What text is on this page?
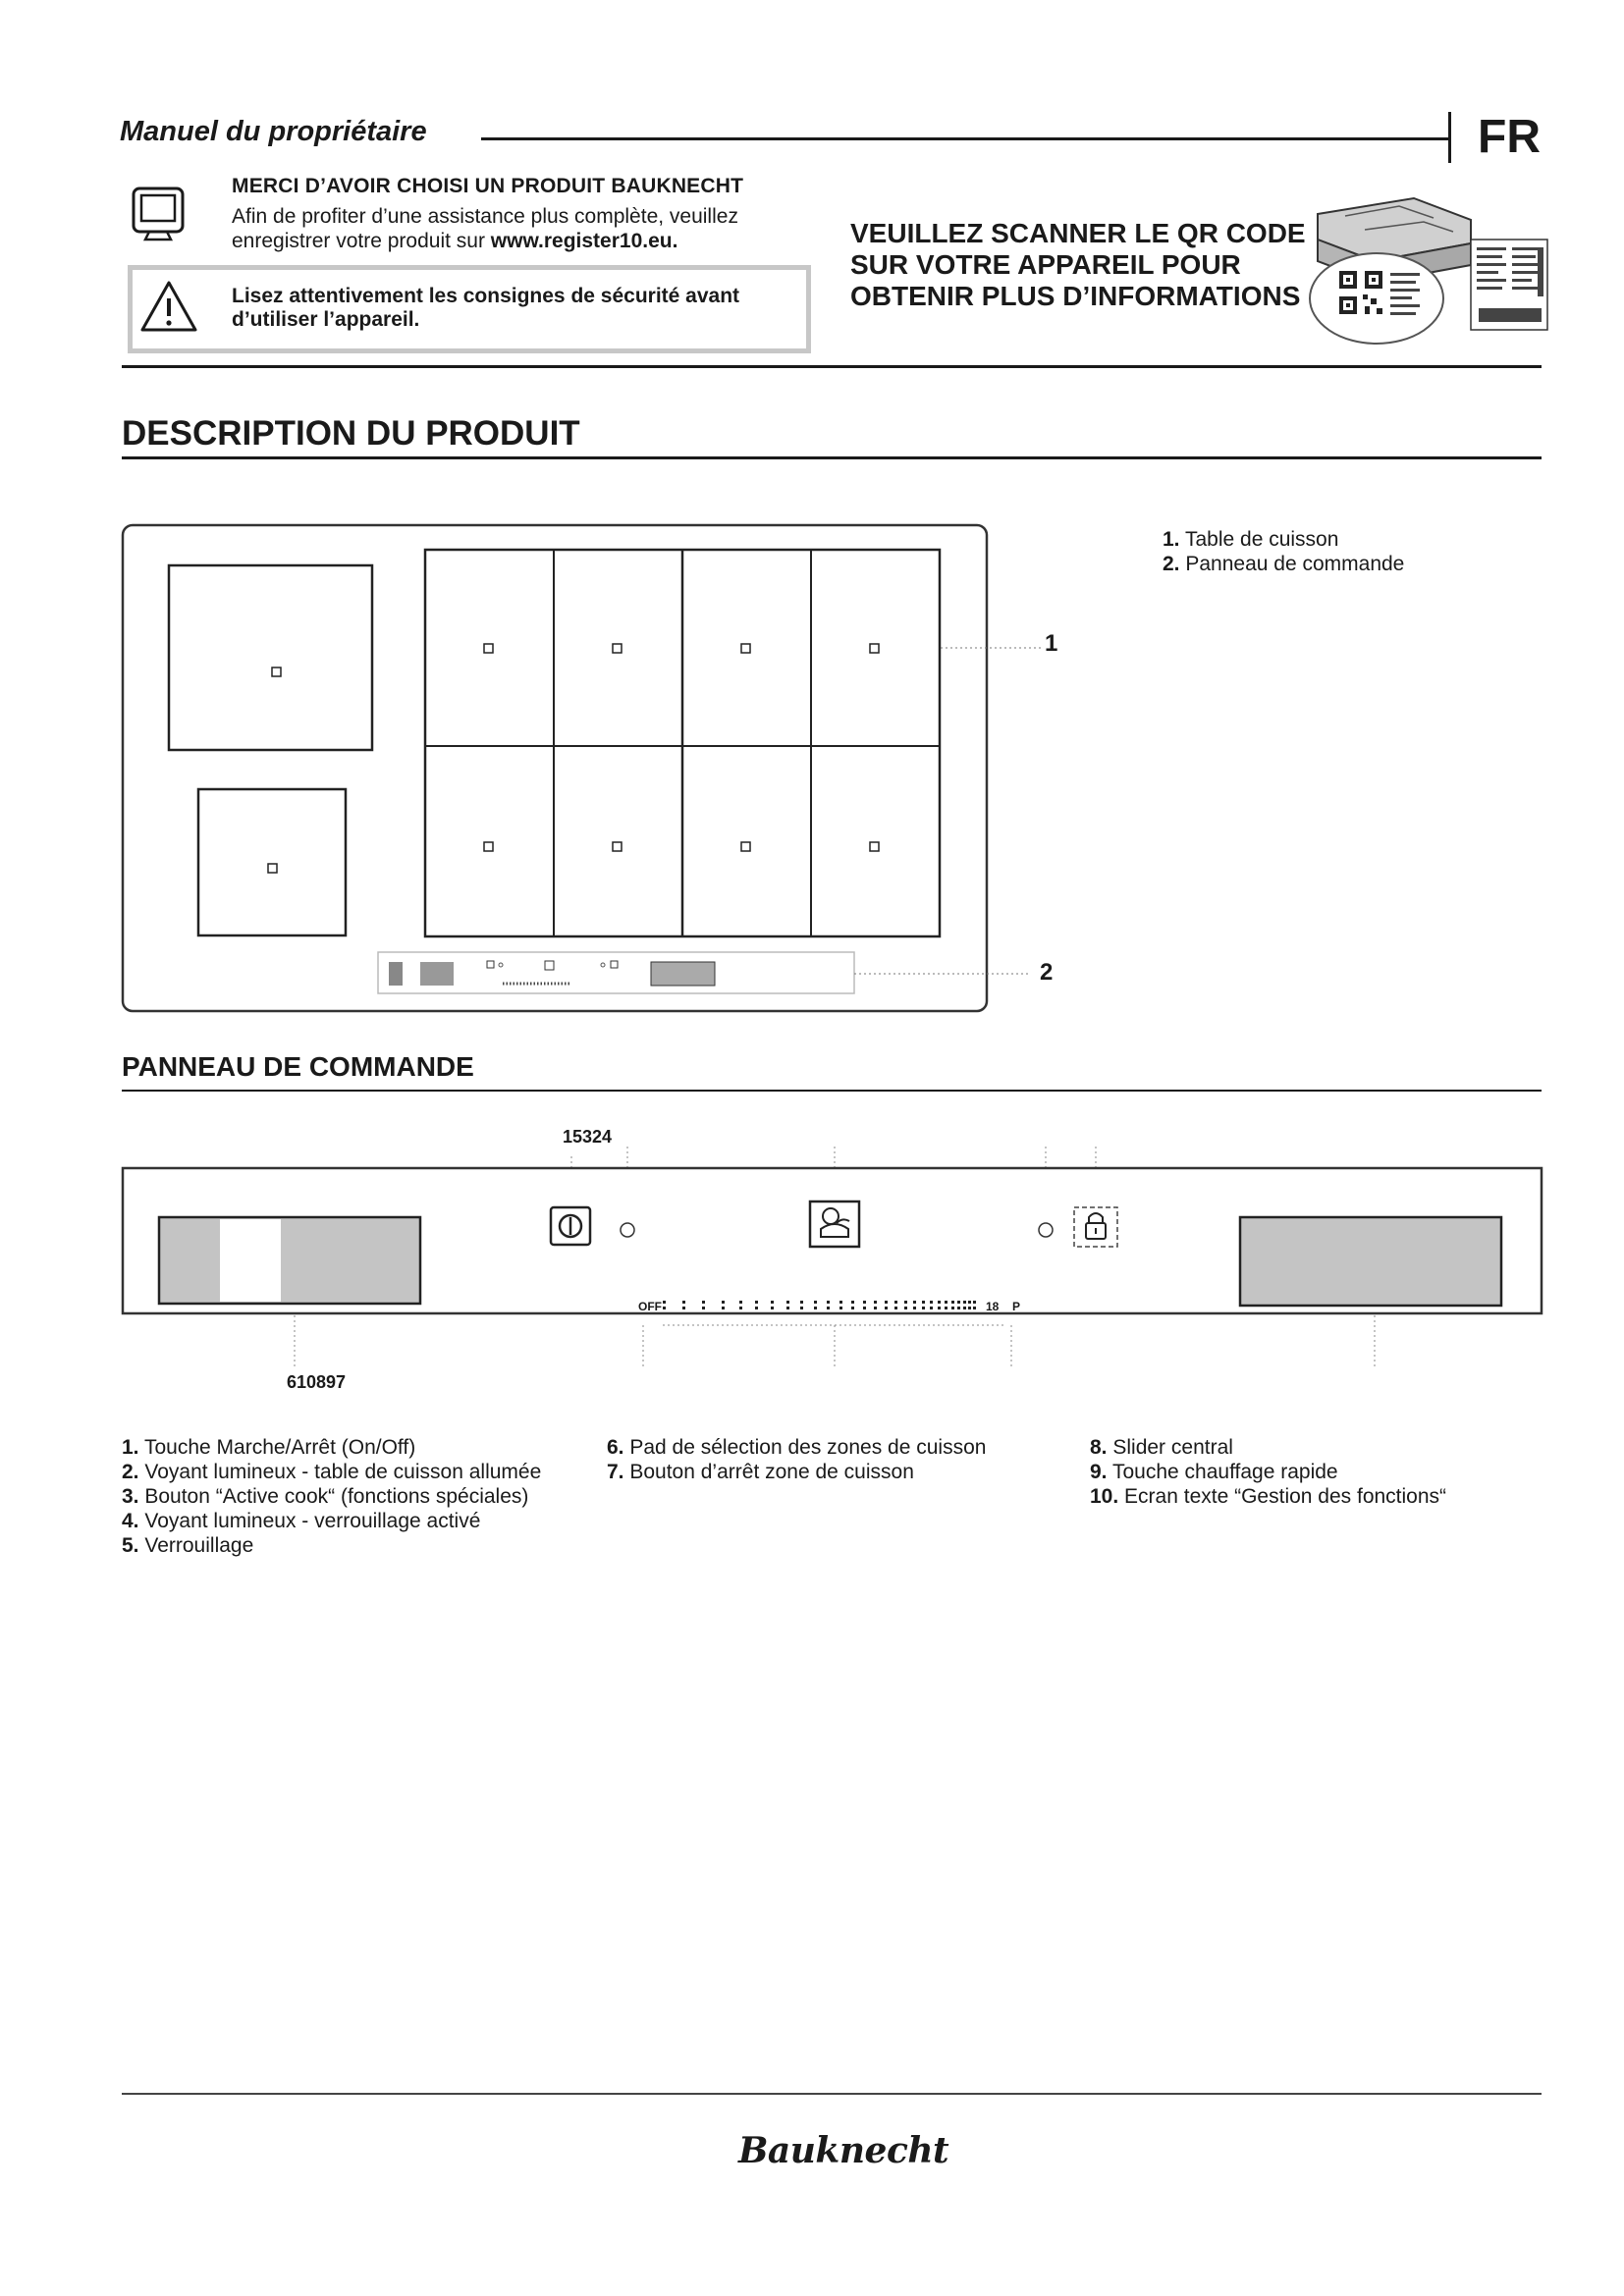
Manuel du propriétaire	FR
MERCI D’AVOIR CHOISI UN PRODUIT BAUKNECHT
Afin de profiter d’une assistance plus complète, veuillez
enregistrer votre produit sur www.register10.eu.
Lisez attentivement les consignes de sécurité avant
d’utiliser l’appareil.
VEUILLEZ SCANNER LE QR CODE
SUR VOTRE APPAREIL POUR
OBTENIR PLUS D’INFORMATIONS
DESCRIPTION DU PRODUIT
1
2
1. Table de cuisson
2. Panneau de commande
PANNEAU DE COMMANDE
15324
610897
OFF	18 P
1. Touche Marche/Arrêt (On/Off)
2. Voyant lumineux - table de cuisson allumée
3. Bouton “Active cook“ (fonctions spéciales)
4. Voyant lumineux - verrouillage activé
5. Verrouillage
6. Pad de sélection des zones de cuisson
7. Bouton d’arrêt zone de cuisson
8. Slider central
9. Touche chauffage rapide
10. Ecran texte “Gestion des fonctions“
Bauknecht
